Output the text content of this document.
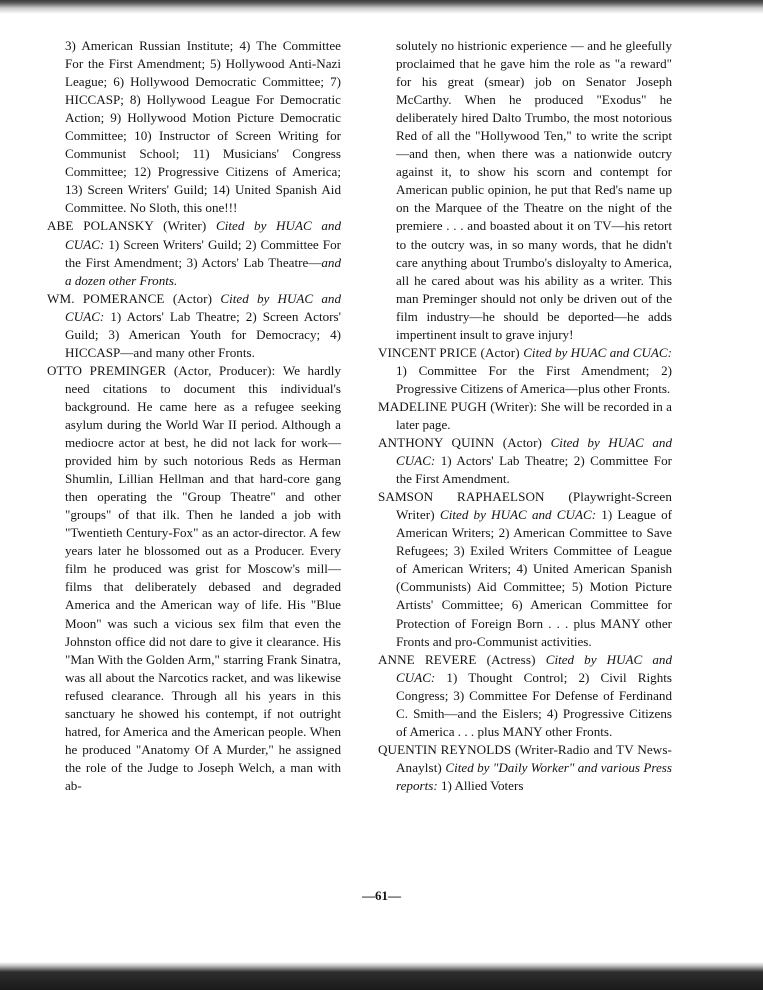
3) American Russian Institute; 4) The Committee For the First Amendment; 5) Hollywood Anti-Nazi League; 6) Hollywood Democratic Committee; 7) HICCASP; 8) Hollywood League For Democratic Action; 9) Hollywood Motion Picture Democratic Committee; 10) Instructor of Screen Writing for Communist School; 11) Musicians' Congress Committee; 12) Progressive Citizens of America; 13) Screen Writers' Guild; 14) United Spanish Aid Committee. No Sloth, this one!!!

ABE POLANSKY (Writer) Cited by HUAC and CUAC: 1) Screen Writers' Guild; 2) Committee For the First Amendment; 3) Actors' Lab Theatre—and a dozen other Fronts.

WM. POMERANCE (Actor) Cited by HUAC and CUAC: 1) Actors' Lab Theatre; 2) Screen Actors' Guild; 3) American Youth for Democracy; 4) HICCASP—and many other Fronts.

OTTO PREMINGER (Actor, Producer): We hardly need citations to document this individual's background. He came here as a refugee seeking asylum during the World War II period. Although a mediocre actor at best, he did not lack for work—provided him by such notorious Reds as Herman Shumlin, Lillian Hellman and that hard-core gang then operating the "Group Theatre" and other "groups" of that ilk. Then he landed a job with "Twentieth Century-Fox" as an actor-director. A few years later he blossomed out as a Producer. Every film he produced was grist for Moscow's mill—films that deliberately debased and degraded America and the American way of life. His "Blue Moon" was such a vicious sex film that even the Johnston office did not dare to give it clearance. His "Man With the Golden Arm," starring Frank Sinatra, was all about the Narcotics racket, and was likewise refused clearance. Through all his years in this sanctuary he showed his contempt, if not outright hatred, for America and the American people. When he produced "Anatomy Of A Murder," he assigned the role of the Judge to Joseph Welch, a man with ab-

solutely no histrionic experience — and he gleefully proclaimed that he gave him the role as "a reward" for his great (smear) job on Senator Joseph McCarthy. When he produced "Exodus" he deliberately hired Dalto Trumbo, the most notorious Red of all the "Hollywood Ten," to write the script—and then, when there was a nationwide outcry against it, to show his scorn and contempt for American public opinion, he put that Red's name up on the Marquee of the Theatre on the night of the premiere . . . and boasted about it on TV—his retort to the outcry was, in so many words, that he didn't care anything about Trumbo's disloyalty to America, all he cared about was his ability as a writer. This man Preminger should not only be driven out of the film industry—he should be deported—he adds impertinent insult to grave injury!

VINCENT PRICE (Actor) Cited by HUAC and CUAC: 1) Committee For the First Amendment; 2) Progressive Citizens of America—plus other Fronts.

MADELINE PUGH (Writer): She will be recorded in a later page.

ANTHONY QUINN (Actor) Cited by HUAC and CUAC: 1) Actors' Lab Theatre; 2) Committee For the First Amendment.

SAMSON RAPHAELSON (Playwright-Screen Writer) Cited by HUAC and CUAC: 1) League of American Writers; 2) American Committee to Save Refugees; 3) Exiled Writers Committee of League of American Writers; 4) United American Spanish (Communists) Aid Committee; 5) Motion Picture Artists' Committee; 6) American Committee for Protection of Foreign Born . . . plus MANY other Fronts and pro-Communist activities.

ANNE REVERE (Actress) Cited by HUAC and CUAC: 1) Thought Control; 2) Civil Rights Congress; 3) Committee For Defense of Ferdinand C. Smith—and the Eislers; 4) Progressive Citizens of America . . . plus MANY other Fronts.

QUENTIN REYNOLDS (Writer-Radio and TV News-Anaylst) Cited by "Daily Worker" and various Press reports: 1) Allied Voters

—61—
